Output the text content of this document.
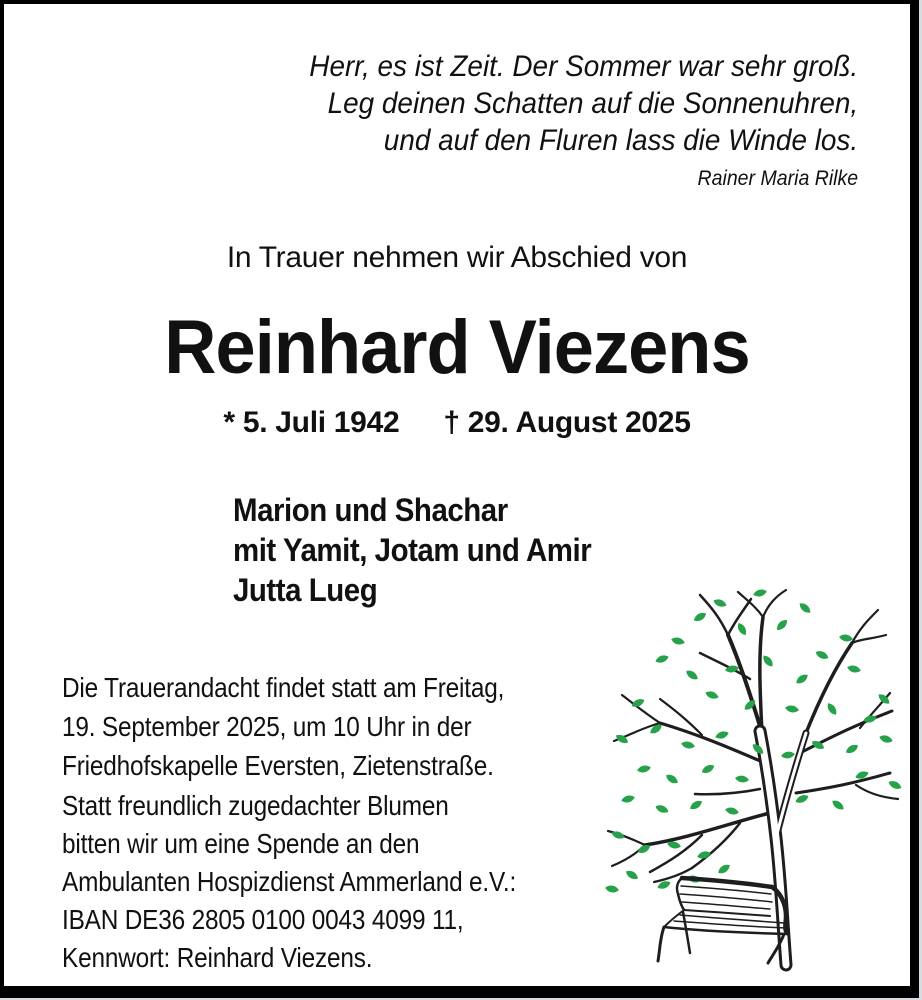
Herr, es ist Zeit. Der Sommer war sehr groß.
Leg deinen Schatten auf die Sonnenuhren,
und auf den Fluren lass die Winde los.
Rainer Maria Rilke
In Trauer nehmen wir Abschied von
Reinhard Viezens
* 5. Juli 1942 † 29. August 2025
Marion und Shachar
mit Yamit, Jotam und Amir
Jutta Lueg
Die Trauerandacht findet statt am Freitag,
19. September 2025, um 10 Uhr in der
Friedhofskapelle Eversten, Zietenstraße.
Statt freundlich zugedachter Blumen
bitten wir um eine Spende an den
Ambulanten Hospizdienst Ammerland e.V.:
IBAN DE36 2805 0100 0043 4099 11,
Kennwort: Reinhard Viezens.
